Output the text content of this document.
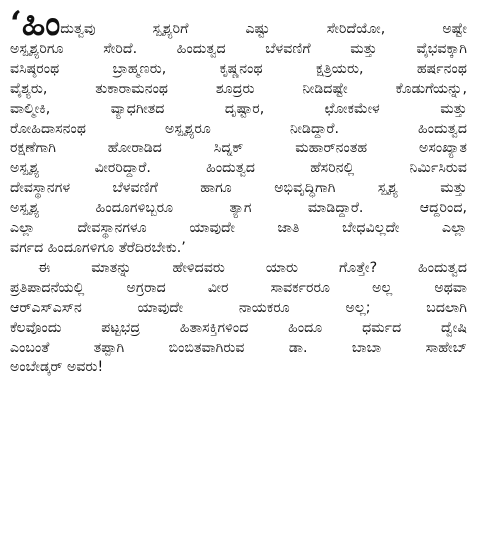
‘ಹಿಂದುತ್ವವು ಸ್ಪೃಶ್ಯರಿಗೆ ಎಷ್ಟು ಸೇರಿದೆಯೋ, ಅಷ್ಟೇ
ಅಸ್ಪೃಶ್ಯರಿಗೂ ಸೇರಿದೆ. ಹಿಂದುತ್ವದ ಬೆಳವಣಿಗೆ ಮತ್ತು ವೈಭವಕ್ಕಾಗಿ
ವಸಿಷ್ಠರಂಥ ಬ್ರಾಹ್ಮಣರು, ಕೃಷ್ಣನಂಥ ಕ್ಷತ್ರಿಯರು, ಹರ್ಷನಂಥ
ವೈಶ್ಯರು, ತುಕಾರಾಮನಂಥ ಶೂದ್ರರು ನೀಡಿದಷ್ಟೇ ಕೊಡುಗೆಯನ್ನು,
ವಾಲ್ಮೀಕಿ, ವ್ಯಾಧಗೀತದ ದೃಷ್ಟಾರ, ಛೋಕಮೇಳ ಮತ್ತು
ರೋಹಿದಾಸನಂಥ ಅಸ್ಪೃಶ್ಯರೂ ನೀಡಿದ್ದಾರೆ. ಹಿಂದುತ್ವದ
ರಕ್ಷಣೆಗಾಗಿ ಹೋರಾಡಿದ ಸಿದ್ನಕ್ ಮಹಾರ್‌ನಂತಹ ಅಸಂಖ್ಯಾತ
ಅಸ್ಪೃಶ್ಯ ವೀರರಿದ್ದಾರೆ. ಹಿಂದುತ್ವದ ಹೆಸರಿನಲ್ಲಿ ನಿರ್ಮಿಸಿರುವ
ದೇವಸ್ಥಾನಗಳ ಬೆಳವಣಿಗೆ ಹಾಗೂ ಅಭಿವೃದ್ಧಿಗಾಗಿ ಸ್ಪೃಶ್ಯ ಮತ್ತು
ಅಸ್ಪೃಶ್ಯ ಹಿಂದೂಗಳಿಬ್ಬರೂ ತ್ಯಾಗ ಮಾಡಿದ್ದಾರೆ. ಆದ್ದರಿಂದ,
ಎಲ್ಲಾ ದೇವಸ್ಥಾನಗಳೂ ಯಾವುದೇ ಜಾತಿ ಬೇಧವಿಲ್ಲದೇ ಎಲ್ಲಾ
ವರ್ಗದ ಹಿಂದೂಗಳಿಗೂ ತೆರೆದಿರಬೇಕು.’
ಈ ಮಾತನ್ನು ಹೇಳಿದವರು ಯಾರು ಗೊತ್ತೇ? ಹಿಂದುತ್ವದ
ಪ್ರತಿಪಾದನೆಯಲ್ಲಿ ಅಗ್ರರಾದ ವೀರ ಸಾವರ್ಕರರೂ ಅಲ್ಲ ಅಥವಾ
ಆರ್‌ಎಸ್‌ಎಸ್‌ನ ಯಾವುದೇ ನಾಯಕರೂ ಅಲ್ಲ; ಬದಲಾಗಿ
ಕೆಲವೊಂದು ಪಟ್ಟಭದ್ರ ಹಿತಾಸಕ್ತಿಗಳಿಂದ ಹಿಂದೂ ಧರ್ಮದ ದ್ವೇಷಿ
ಎಂಬಂತೆ ತಪ್ಪಾಗಿ ಬಿಂಬಿತವಾಗಿರುವ ಡಾ. ಬಾಬಾ ಸಾಹೇಬ್
ಅಂಬೇಡ್ಕರ್ ಅವರು!
